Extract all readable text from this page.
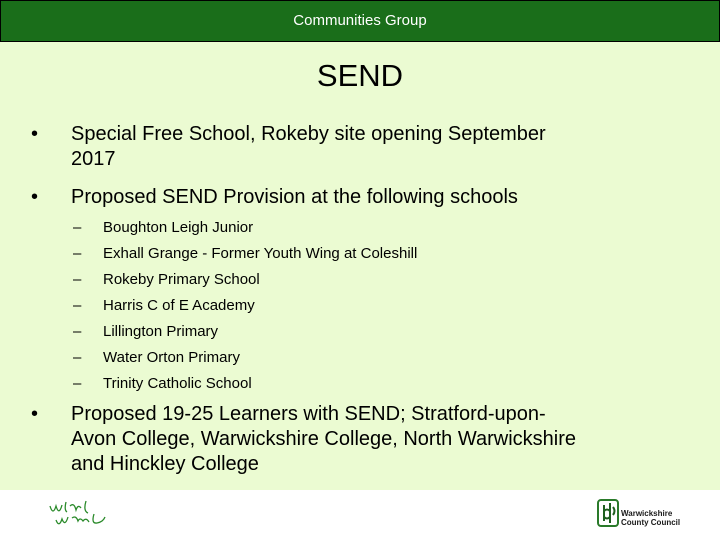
Communities Group
SEND
• Special Free School, Rokeby site opening September
2017
• Proposed SEND Provision at the following schools
– Boughton Leigh Junior
– Exhall Grange - Former Youth Wing at Coleshill
– Rokeby Primary School
– Harris C of E Academy
– Lillington Primary
– Water Orton Primary
– Trinity Catholic School
• Proposed 19-25 Learners with SEND; Stratford-upon-
Avon College, Warwickshire College, North Warwickshire
and Hinckley College
Warwickshire
County Council
